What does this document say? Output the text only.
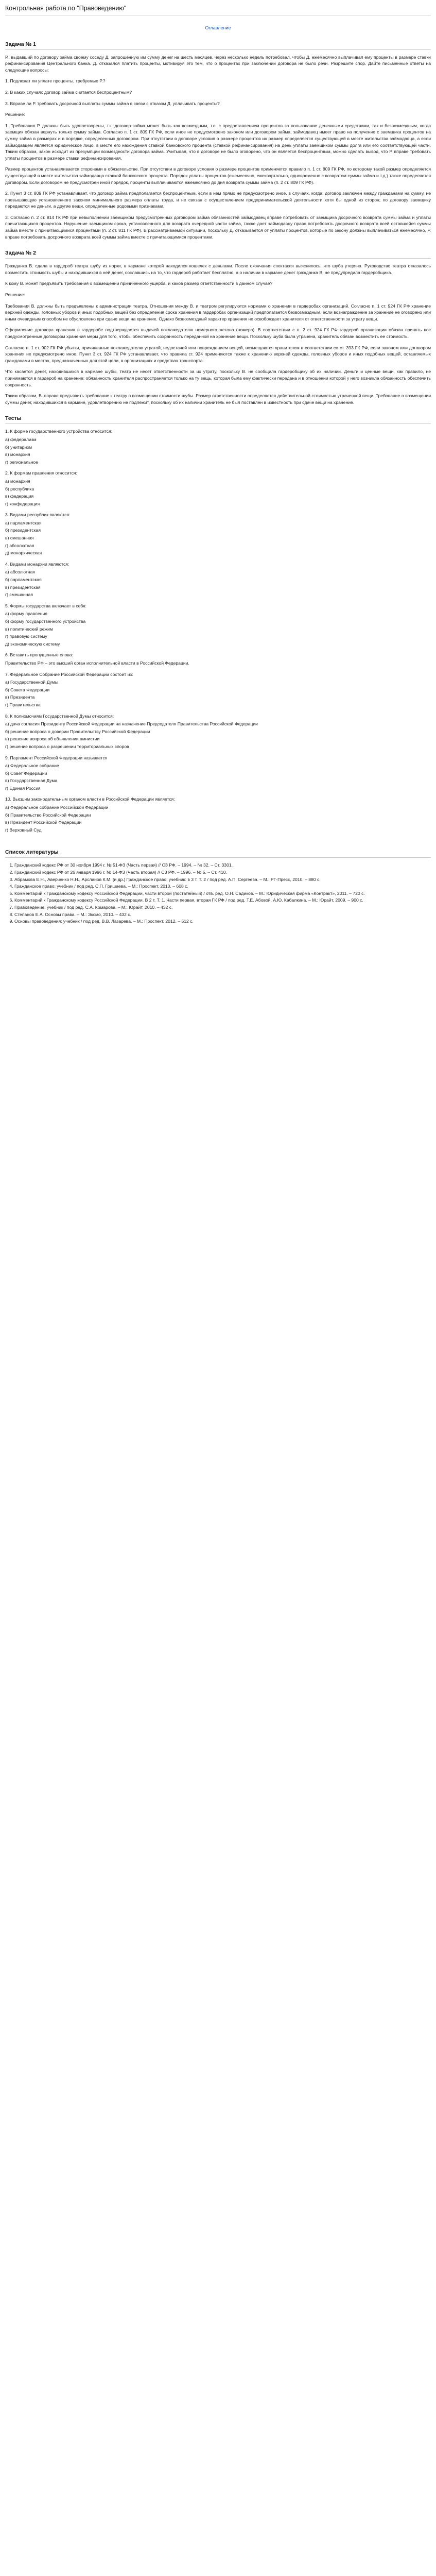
Контрольная работа по "Правоведению"
Оглавление
Задача № 1

Р., выдавший по договору займа своему соседу Д. запрошенную им сумму денег на шесть месяцев, через несколько недель потребовал, чтобы Д. ежемесячно выплачивал ему проценты в размере ставки рефинансирования Центрального банка. Д. отказался платить проценты, мотивируя это тем, что о процентах при заключении договора не было речи. Разрешите спор. Дайте письменные ответы на следующие вопросы:

1. Подлежат ли уплате проценты, требуемые Р.?

2. В каких случаях договор займа считается беспроцентным?

3. Вправе ли Р. требовать досрочной выплаты суммы займа в связи с отказом Д. уплачивать проценты?

Решение:

1. Требования Р. должны быть удовлетворены, т.к. договор займа может быть как возмездным, т.е. с предоставлением процентов за пользование денежными средствами, так и безвозмездным, когда заемщик обязан вернуть только сумму займа. Согласно п. 1 ст. 809 ГК РФ, если иное не предусмотрено законом или договором займа, займодавец имеет право на получение с заемщика процентов на сумму займа в размерах и в порядке, определенных договором. При отсутствии в договоре условия о размере процентов их размер определяется существующей в месте жительства займодавца, а если займодавцем является юридическое лицо, в месте его нахождения ставкой банковского процента (ставкой рефинансирования) на день уплаты заемщиком суммы долга или его соответствующей части. Таким образом, закон исходит из презумпции возмездности договора займа. Учитывая, что в договоре не было оговорено, что он является беспроцентным, можно сделать вывод, что Р. вправе требовать уплаты процентов в размере ставки рефинансирования.

Размер процентов устанавливается сторонами в обязательстве. При отсутствии в договоре условия о размере процентов применяется правило п. 1 ст. 809 ГК РФ, по которому такой размер определяется существующей в месте жительства займодавца ставкой банковского процента. Порядок уплаты процентов (ежемесячно, ежеквартально, одновременно с возвратом суммы займа и т.д.) также определяется договором. Если договором не предусмотрен иной порядок, проценты выплачиваются ежемесячно до дня возврата суммы займа (п. 2 ст. 809 ГК РФ).

2. Пункт 3 ст. 809 ГК РФ устанавливает, что договор займа предполагается беспроцентным, если в нем прямо не предусмотрено иное, в случаях, когда: договор заключен между гражданами на сумму, не превышающую установленного законом минимального размера оплаты труда, и не связан с осуществлением предпринимательской деятельности хотя бы одной из сторон; по договору заемщику передаются не деньги, а другие вещи, определенные родовыми признаками.

3. Согласно п. 2 ст. 814 ГК РФ при невыполнении заемщиком предусмотренных договором займа обязанностей займодавец вправе потребовать от заемщика досрочного возврата суммы займа и уплаты причитающихся процентов. Нарушение заемщиком срока, установленного для возврата очередной части займа, также дает займодавцу право потребовать досрочного возврата всей оставшейся суммы займа вместе с причитающимися процентами (п. 2 ст. 811 ГК РФ). В рассматриваемой ситуации, поскольку Д. отказывается от уплаты процентов, которые по закону должны выплачиваться ежемесячно, Р. вправе потребовать досрочного возврата всей суммы займа вместе с причитающимися процентами.

Задача № 2

Гражданка В. сдала в гардероб театра шубу из норки, в кармане которой находился кошелек с деньгами. После окончания спектакля выяснилось, что шуба утеряна. Руководство театра отказалось возместить стоимость шубы и находившихся в ней денег, сославшись на то, что гардероб работает бесплатно, а о наличии в кармане денег гражданка В. не предупредила гардеробщика.

К кому В. может предъявить требования о возмещении причиненного ущерба, и каков размер ответственности в данном случае?

Решение:

Требования В. должны быть предъявлены к администрации театра. Отношения между В. и театром регулируются нормами о хранении в гардеробах организаций. Согласно п. 1 ст. 924 ГК РФ хранение верхней одежды, головных уборов и иных подобных вещей без определения срока хранения в гардеробах организаций предполагается безвозмездным, если вознаграждение за хранение не оговорено или иным очевидным способом не обусловлено при сдаче вещи на хранение. Однако безвозмездный характер хранения не освобождает хранителя от ответственности за утрату вещи.

Оформление договора хранения в гардеробе подтверждается выдачей поклажедателю номерного жетона (номера). В соответствии с п. 2 ст. 924 ГК РФ гардероб организации обязан принять все предусмотренные договором хранения меры для того, чтобы обеспечить сохранность переданной на хранение вещи. Поскольку шуба была утрачена, хранитель обязан возместить ее стоимость.

Согласно п. 1 ст. 902 ГК РФ убытки, причиненные поклажедателю утратой, недостачей или повреждением вещей, возмещаются хранителем в соответствии со ст. 393 ГК РФ, если законом или договором хранения не предусмотрено иное. Пункт 3 ст. 924 ГК РФ устанавливает, что правила ст. 924 применяются также к хранению верхней одежды, головных уборов и иных подобных вещей, оставляемых гражданами в местах, предназначенных для этой цели, в организациях и средствах транспорта.

Что касается денег, находившихся в кармане шубы, театр не несет ответственности за их утрату, поскольку В. не сообщила гардеробщику об их наличии. Деньги и ценные вещи, как правило, не принимаются в гардероб на хранение; обязанность хранителя распространяется только на ту вещь, которая была ему фактически передана и в отношении которой у него возникла обязанность обеспечить сохранность.

Таким образом, В. вправе предъявить требование к театру о возмещении стоимости шубы. Размер ответственности определяется действительной стоимостью утраченной вещи. Требование о возмещении суммы денег, находившихся в кармане, удовлетворению не подлежит, поскольку об их наличии хранитель не был поставлен в известность при сдаче вещи на хранение.

Тесты

1. К форме государственного устройства относится:

а) федерализм
б) унитаризм
в) монархия
г) региональное

2. К формам правления относится:

а) монархия
б) республика
в) федерация
г) конфедерация

3. Видами республик являются:

а) парламентская
б) президентская
в) смешанная
г) абсолютная
д) монархическая

4. Видами монархии являются:

а) абсолютная
б) парламентская
в) президентская
г) смешанная

5. Формы государства включает в себя:

а) форму правления
б) форму государственного устройства
в) политический режим
г) правовую систему
д) экономическую систему

6. Вставить пропущенные слова:

Правительство РФ – это высший орган исполнительной власти в Российской Федерации.

7. Федеральное Собрание Российской Федерации состоит из:

а) Государственной Думы
б) Совета Федерации
в) Президента
г) Правительства

8. К полномочиям Государственной Думы относится:

а) дача согласия Президенту Российской Федерации на назначение Председателя Правительства Российской Федерации
б) решение вопроса о доверии Правительству Российской Федерации
в) решение вопроса об объявлении амнистии
г) решение вопроса о разрешении территориальных споров

9. Парламент Российской Федерации называется

а) Федеральное собрание
б) Совет Федерации
в) Государственная Дума
г) Единая Россия

10. Высшим законодательным органом власти в Российской Федерации является:

а) Федеральное собрание Российской Федерации
б) Правительство Российской Федерации
в) Президент Российской Федерации
г) Верховный Суд
Список литературы
1. Гражданский кодекс РФ от 30 ноября 1994 г. № 51-ФЗ (Часть первая) // СЗ РФ. – 1994. – № 32. – Ст. 3301.
2. Гражданский кодекс РФ от 26 января 1996 г. № 14-ФЗ (Часть вторая) // СЗ РФ. – 1996. – № 5. – Ст. 410.
3. Абрамова Е.Н., Аверченко Н.Н., Арсланов К.М. [и др.] Гражданское право: учебник: в 3 т. Т. 2 / под ред. А.П. Сергеева. – М.: РГ-Пресс, 2010. – 880 с.
4. Гражданское право: учебник / под ред. С.П. Гришаева. – М.: Проспект, 2010. – 608 с.
5. Комментарий к Гражданскому кодексу Российской Федерации, части второй (постатейный) / отв. ред. О.Н. Садиков. – М.: Юридическая фирма «Контракт», 2011. – 720 с.
6. Комментарий к Гражданскому кодексу Российской Федерации. В 2 т. Т. 1. Части первая, вторая ГК РФ / под ред. Т.Е. Абовой, А.Ю. Кабалкина. – М.: Юрайт, 2009. – 900 с.
7. Правоведение: учебник / под ред. С.А. Комарова. – М.: Юрайт, 2010. – 432 с.
8. Степанов Е.А. Основы права. – М.: Эксмо, 2010. – 432 с.
9. Основы правоведения: учебник / под ред. В.В. Лазарева. – М.: Проспект, 2012. – 512 с.
